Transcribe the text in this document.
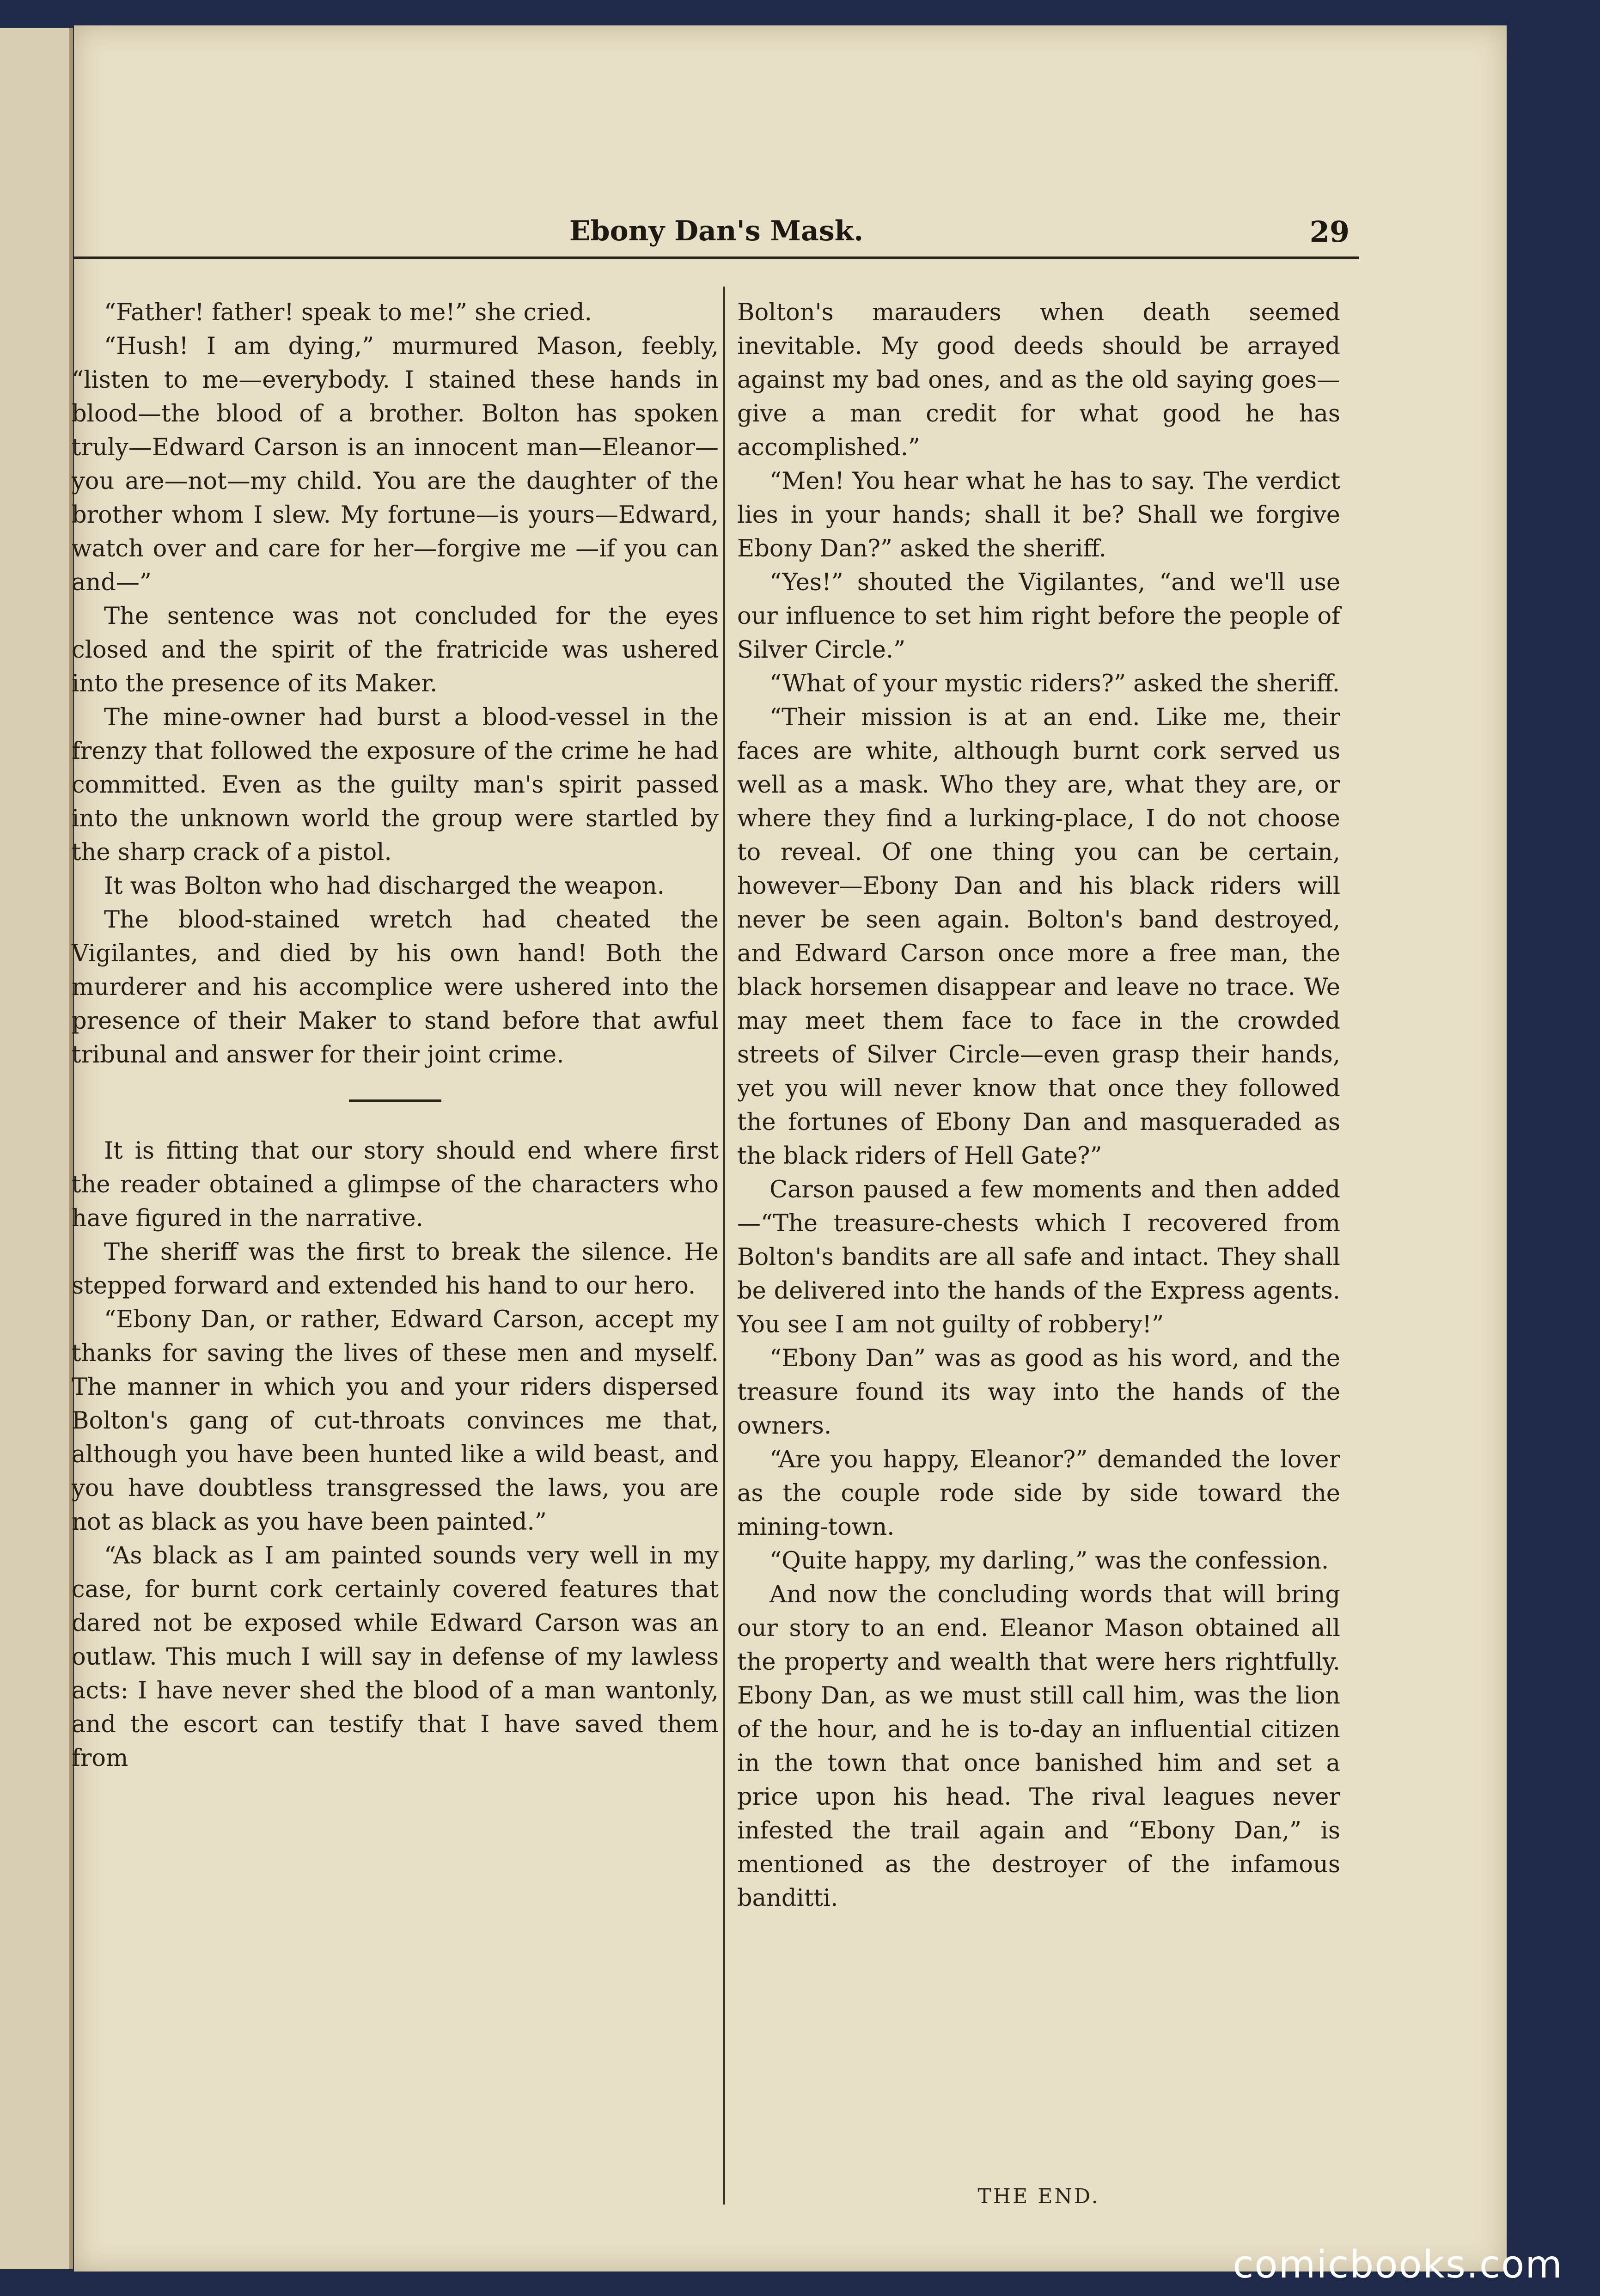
Ebony Dan's Mask.	29

“Father! father! speak to me!” she cried.

“Hush! I am dying,” murmured Mason, feebly, “listen to me—everybody. I stained these hands in blood—the blood of a brother. Bolton has spoken truly—Edward Carson is an innocent man—Eleanor—you are—not—my child. You are the daughter of the brother whom I slew. My fortune—is yours—Edward, watch over and care for her—forgive me —if you can and—”

The sentence was not concluded for the eyes closed and the spirit of the fratricide was ushered into the presence of its Maker.

The mine-owner had burst a blood-vessel in the frenzy that followed the exposure of the crime he had committed. Even as the guilty man's spirit passed into the unknown world the group were startled by the sharp crack of a pistol.

It was Bolton who had discharged the weapon.

The blood-stained wretch had cheated the Vigilantes, and died by his own hand! Both the murderer and his accomplice were ushered into the presence of their Maker to stand before that awful tribunal and answer for their joint crime.

It is fitting that our story should end where first the reader obtained a glimpse of the characters who have figured in the narrative.

The sheriff was the first to break the silence. He stepped forward and extended his hand to our hero.

“Ebony Dan, or rather, Edward Carson, accept my thanks for saving the lives of these men and myself. The manner in which you and your riders dispersed Bolton's gang of cut-throats convinces me that, although you have been hunted like a wild beast, and you have doubtless transgressed the laws, you are not as black as you have been painted.”

“As black as I am painted sounds very well in my case, for burnt cork certainly covered features that dared not be exposed while Edward Carson was an outlaw. This much I will say in defense of my lawless acts: I have never shed the blood of a man wantonly, and the escort can testify that I have saved them from

Bolton's marauders when death seemed inevitable. My good deeds should be arrayed against my bad ones, and as the old saying goes—give a man credit for what good he has accomplished.”

“Men! You hear what he has to say. The verdict lies in your hands; shall it be? Shall we forgive Ebony Dan?” asked the sheriff.

“Yes!” shouted the Vigilantes, “and we'll use our influence to set him right before the people of Silver Circle.”

“What of your mystic riders?” asked the sheriff.

“Their mission is at an end. Like me, their faces are white, although burnt cork served us well as a mask. Who they are, what they are, or where they find a lurking-place, I do not choose to reveal. Of one thing you can be certain, however—Ebony Dan and his black riders will never be seen again. Bolton's band destroyed, and Edward Carson once more a free man, the black horsemen disappear and leave no trace. We may meet them face to face in the crowded streets of Silver Circle—even grasp their hands, yet you will never know that once they followed the fortunes of Ebony Dan and masqueraded as the black riders of Hell Gate?”

Carson paused a few moments and then added—“The treasure-chests which I recovered from Bolton's bandits are all safe and intact. They shall be delivered into the hands of the Express agents. You see I am not guilty of robbery!”

“Ebony Dan” was as good as his word, and the treasure found its way into the hands of the owners.

“Are you happy, Eleanor?” demanded the lover as the couple rode side by side toward the mining-town.

“Quite happy, my darling,” was the confession.

And now the concluding words that will bring our story to an end. Eleanor Mason obtained all the property and wealth that were hers rightfully. Ebony Dan, as we must still call him, was the lion of the hour, and he is to-day an influential citizen in the town that once banished him and set a price upon his head. The rival leagues never infested the trail again and “Ebony Dan,” is mentioned as the destroyer of the infamous banditti.

THE END.
comicbooks.com
